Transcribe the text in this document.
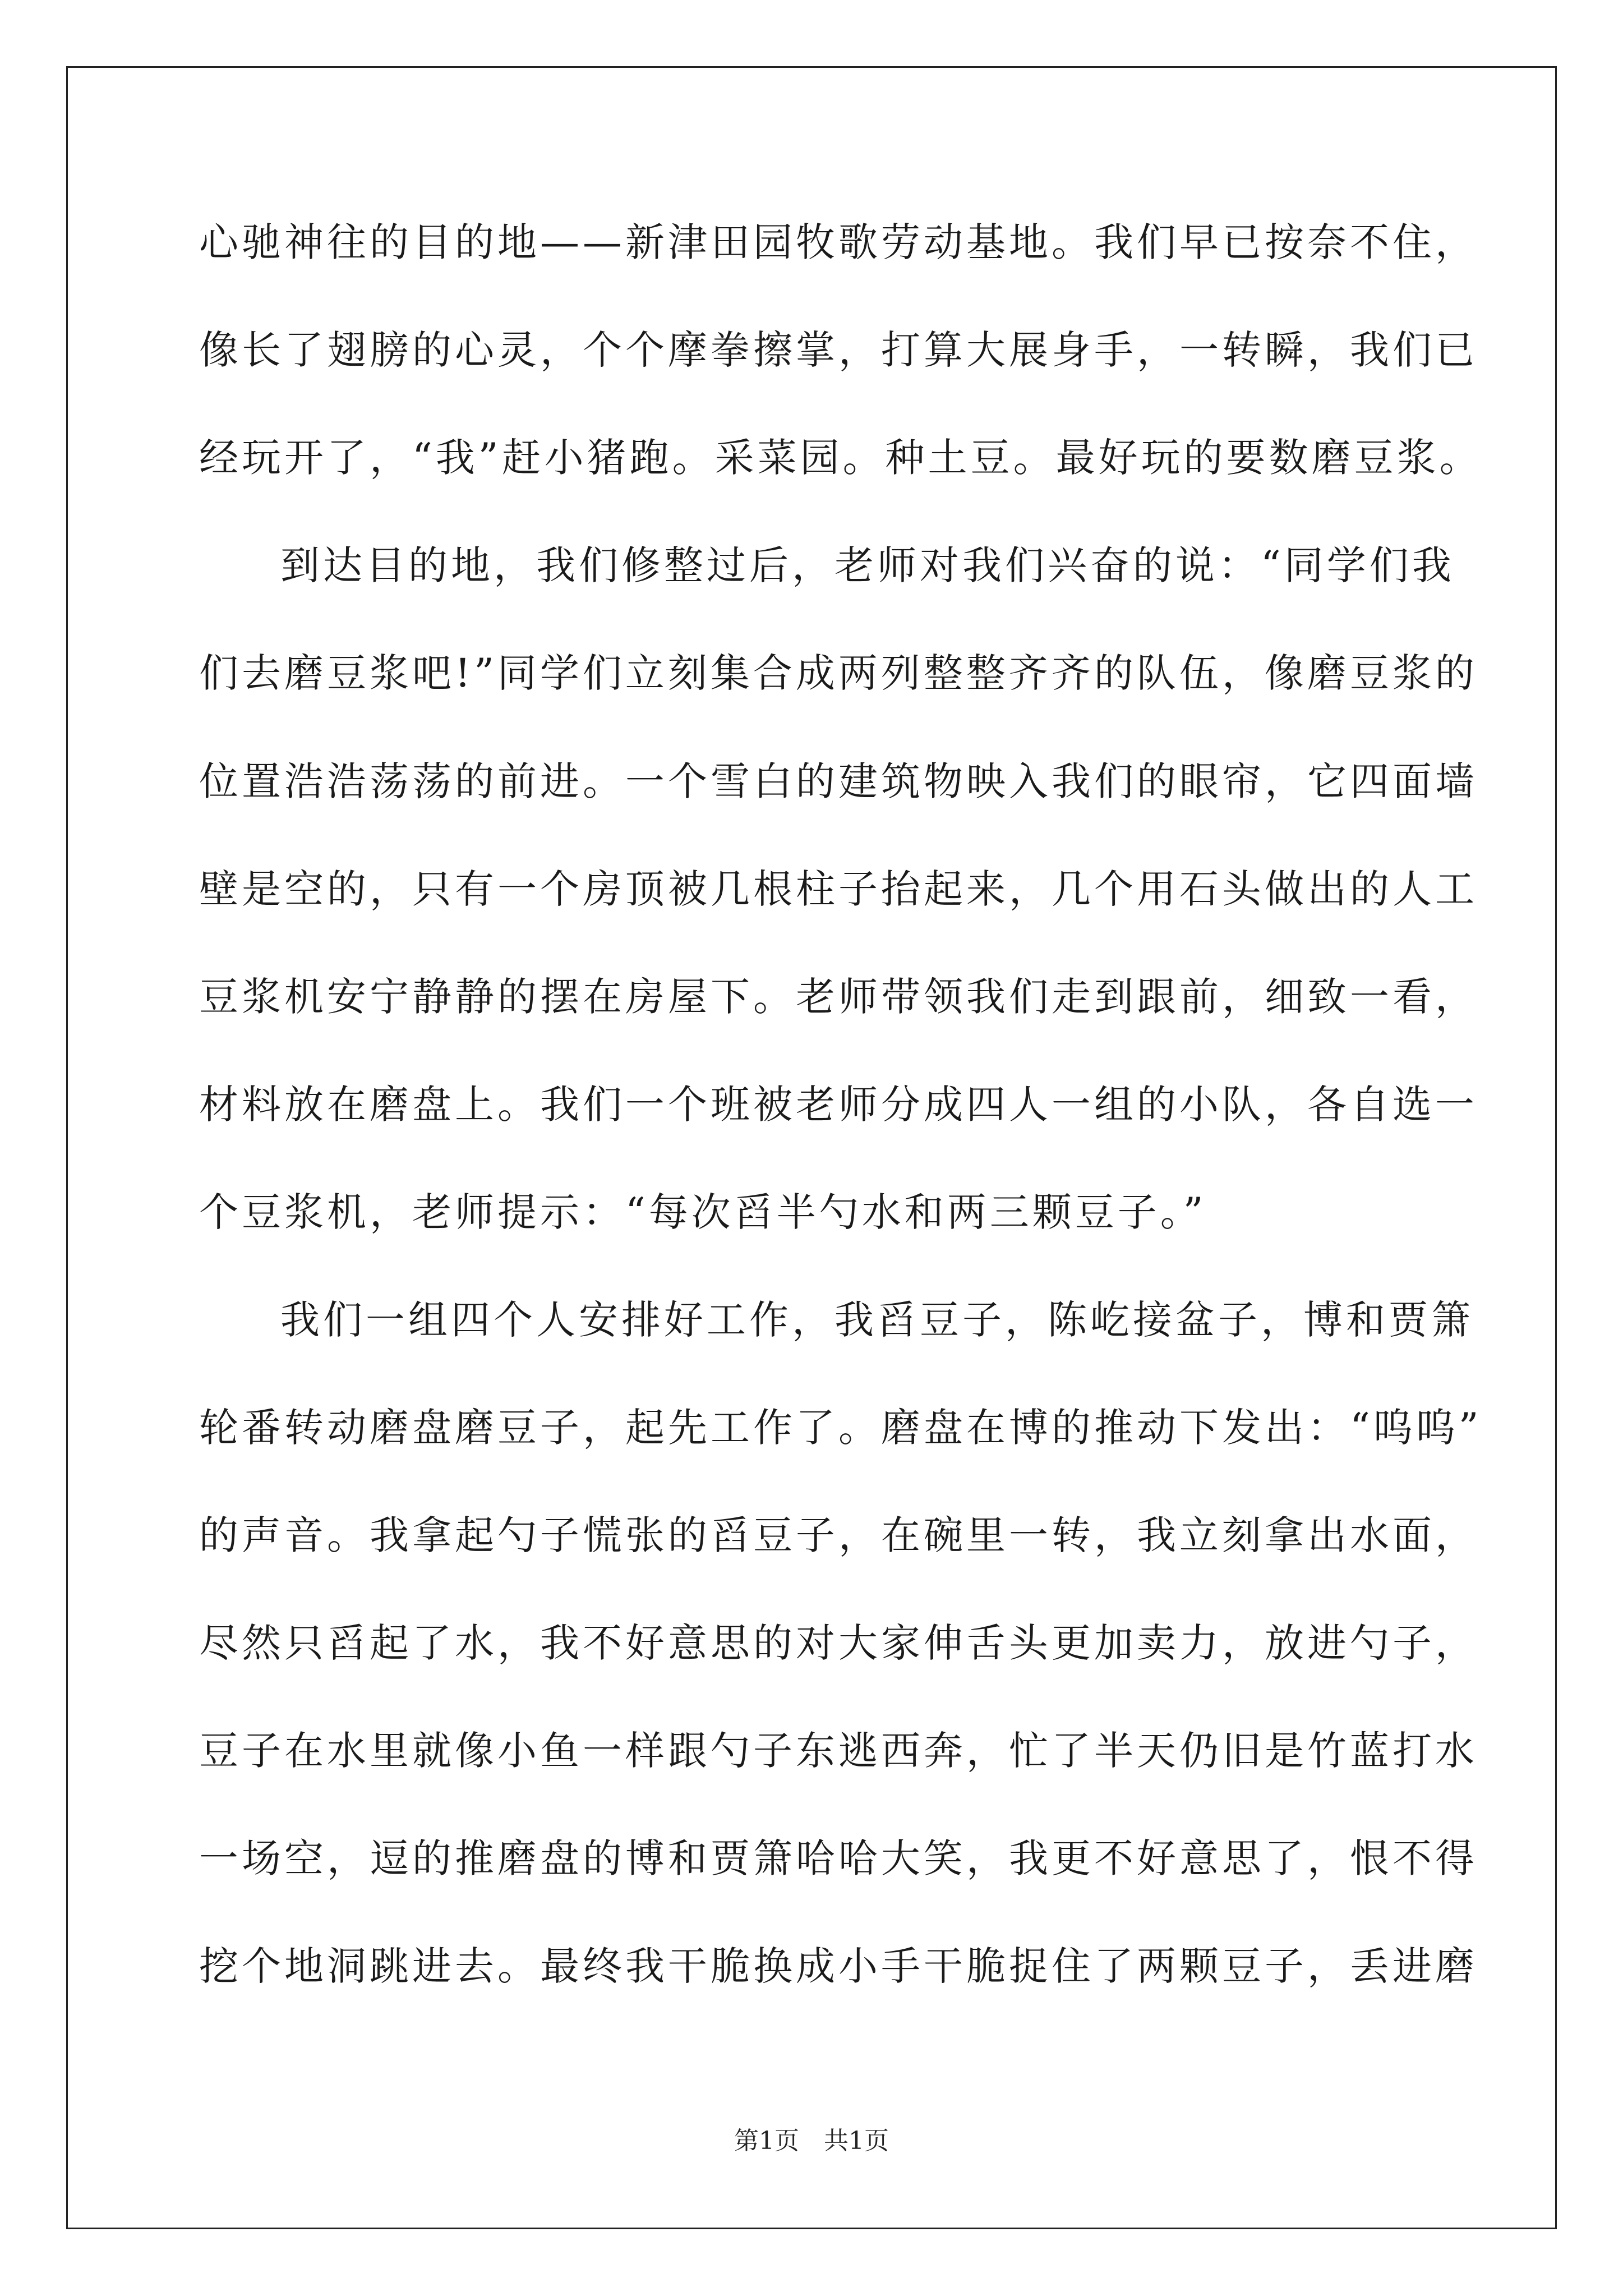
心驰神往的目的地——新津田园牧歌劳动基地。我们早已按奈不住，

像长了翅膀的心灵，个个摩拳擦掌，打算大展身手，一转瞬，我们已

经玩开了，“我”赶小猪跑。采菜园。种土豆。最好玩的要数磨豆浆。

到达目的地，我们修整过后，老师对我们兴奋的说：“同学们我

们去磨豆浆吧!”同学们立刻集合成两列整整齐齐的队伍，像磨豆浆的

位置浩浩荡荡的前进。一个雪白的建筑物映入我们的眼帘，它四面墙

壁是空的，只有一个房顶被几根柱子抬起来，几个用石头做出的人工

豆浆机安宁静静的摆在房屋下。老师带领我们走到跟前，细致一看，

材料放在磨盘上。我们一个班被老师分成四人一组的小队，各自选一

个豆浆机，老师提示：“每次舀半勺水和两三颗豆子。”

我们一组四个人安排好工作，我舀豆子，陈屹接盆子，博和贾箫

轮番转动磨盘磨豆子，起先工作了。磨盘在博的推动下发出：“呜呜”

的声音。我拿起勺子慌张的舀豆子，在碗里一转，我立刻拿出水面，

尽然只舀起了水，我不好意思的对大家伸舌头更加卖力，放进勺子，

豆子在水里就像小鱼一样跟勺子东逃西奔，忙了半天仍旧是竹蓝打水

一场空，逗的推磨盘的博和贾箫哈哈大笑，我更不好意思了，恨不得

挖个地洞跳进去。最终我干脆换成小手干脆捉住了两颗豆子，丢进磨

第1页　共1页
